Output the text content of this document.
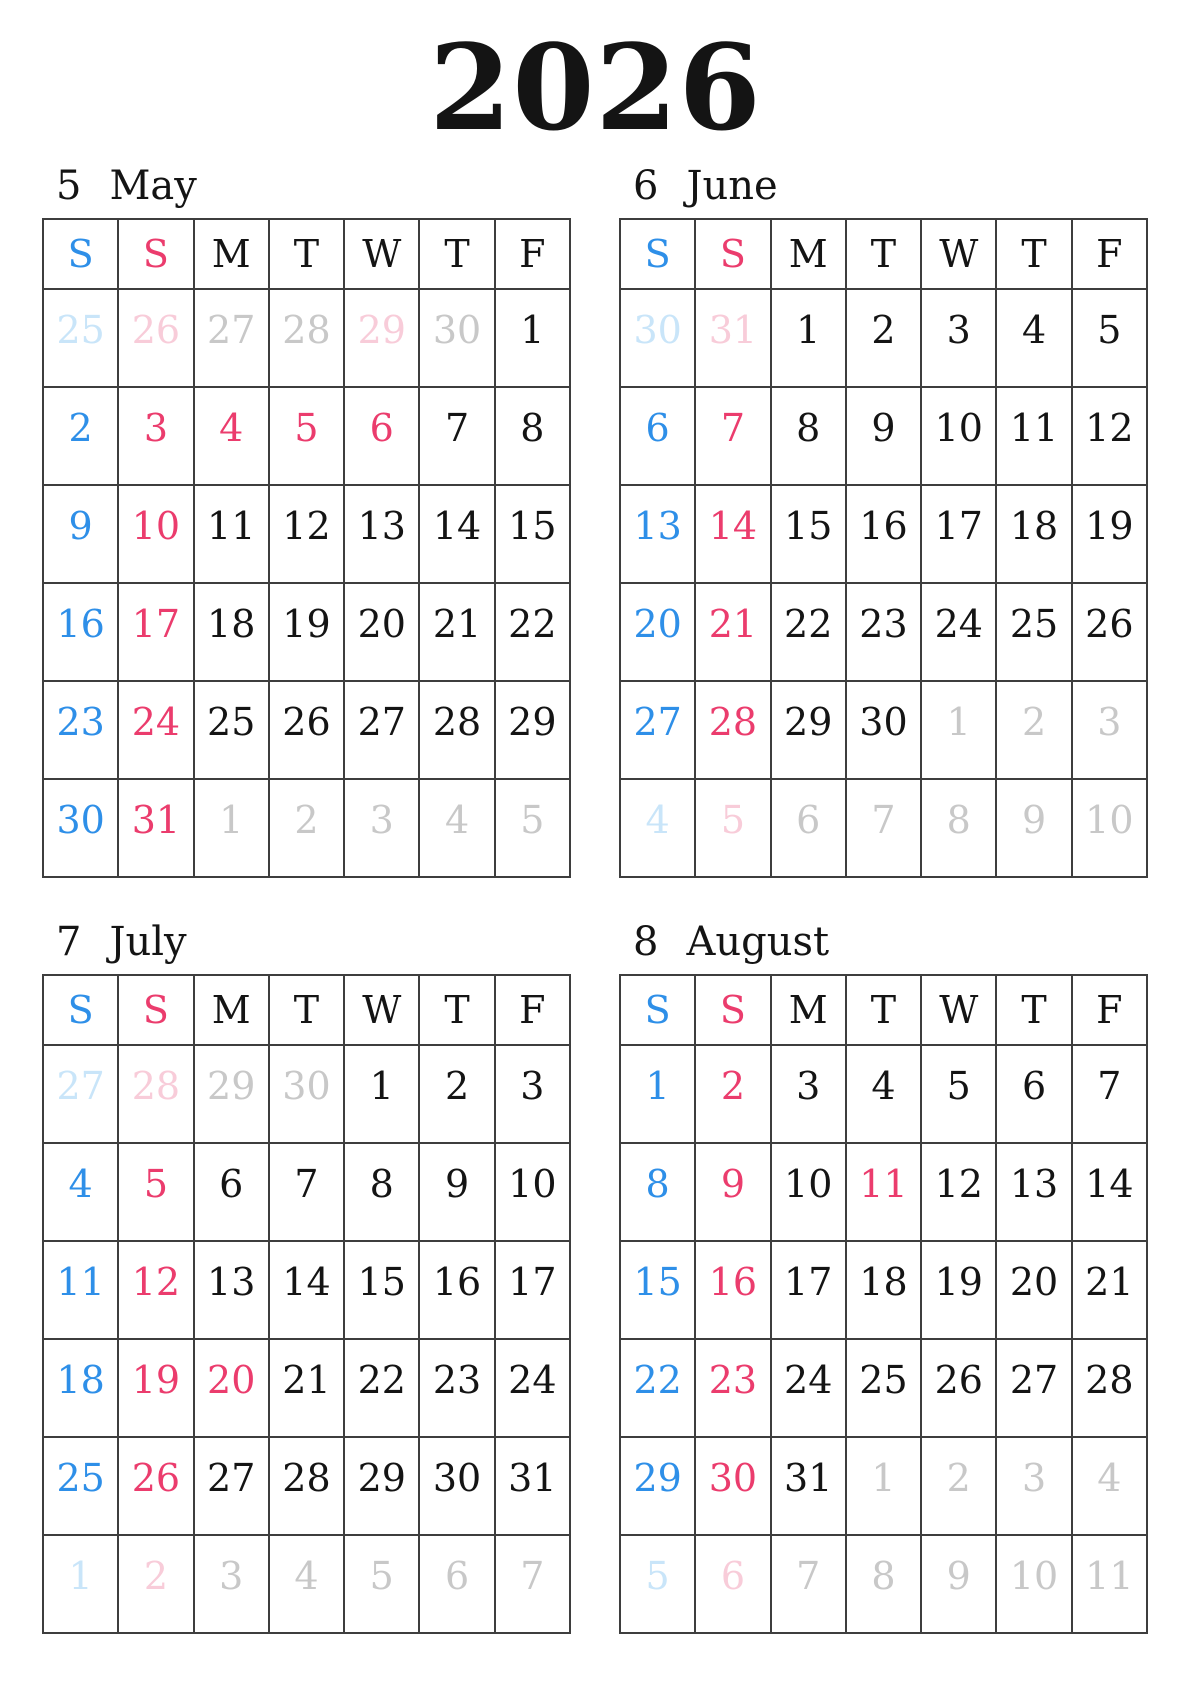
2026
5 May
S	S	M	T	W	T	F
25	26	27	28	29	30	1
2	3	4	5	6	7	8
9	10	11	12	13	14	15
16	17	18	19	20	21	22
23	24	25	26	27	28	29
30	31	1	2	3	4	5
6 June
S	S	M	T	W	T	F
30	31	1	2	3	4	5
6	7	8	9	10	11	12
13	14	15	16	17	18	19
20	21	22	23	24	25	26
27	28	29	30	1	2	3
4	5	6	7	8	9	10
7 July
S	S	M	T	W	T	F
27	28	29	30	1	2	3
4	5	6	7	8	9	10
11	12	13	14	15	16	17
18	19	20	21	22	23	24
25	26	27	28	29	30	31
1	2	3	4	5	6	7
8 August
S	S	M	T	W	T	F
1	2	3	4	5	6	7
8	9	10	11	12	13	14
15	16	17	18	19	20	21
22	23	24	25	26	27	28
29	30	31	1	2	3	4
5	6	7	8	9	10	11
